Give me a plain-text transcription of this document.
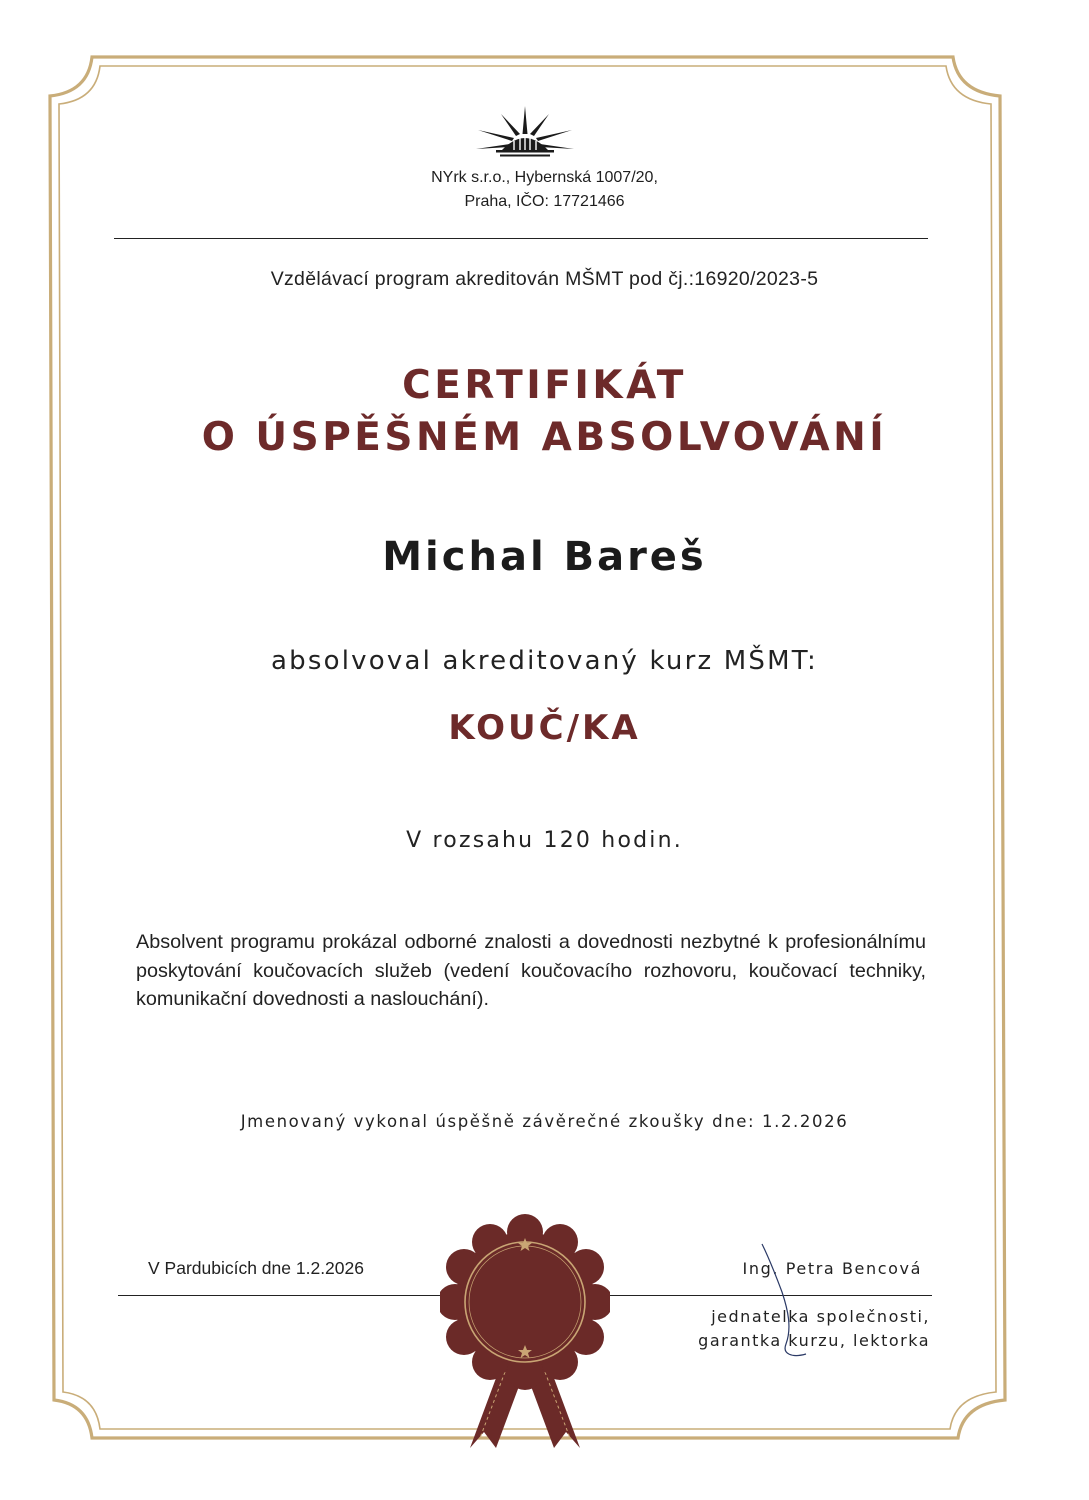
NYrk s.r.o., Hybernská 1007/20,
Praha, IČO: 17721466
Vzdělávací program akreditován MŠMT pod čj.:16920/2023-5
CERTIFIKÁT
O ÚSPĚŠNÉM ABSOLVOVÁNÍ
Michal Bareš
absolvoval akreditovaný kurz MŠMT:
KOUČ/KA
V rozsahu 120 hodin.
Absolvent programu prokázal odborné znalosti a dovednosti nezbytné k profesionálnímu poskytování koučovacích služeb (vedení koučovacího rozhovoru, koučovací techniky, komunikační dovednosti a naslouchání).
Jmenovaný vykonal úspěšně závěrečné zkoušky dne: 1.2.2026
V Pardubicích dne 1.2.2026	Ing. Petra Bencová
jednatelka společnosti,
garantka kurzu, lektorka
